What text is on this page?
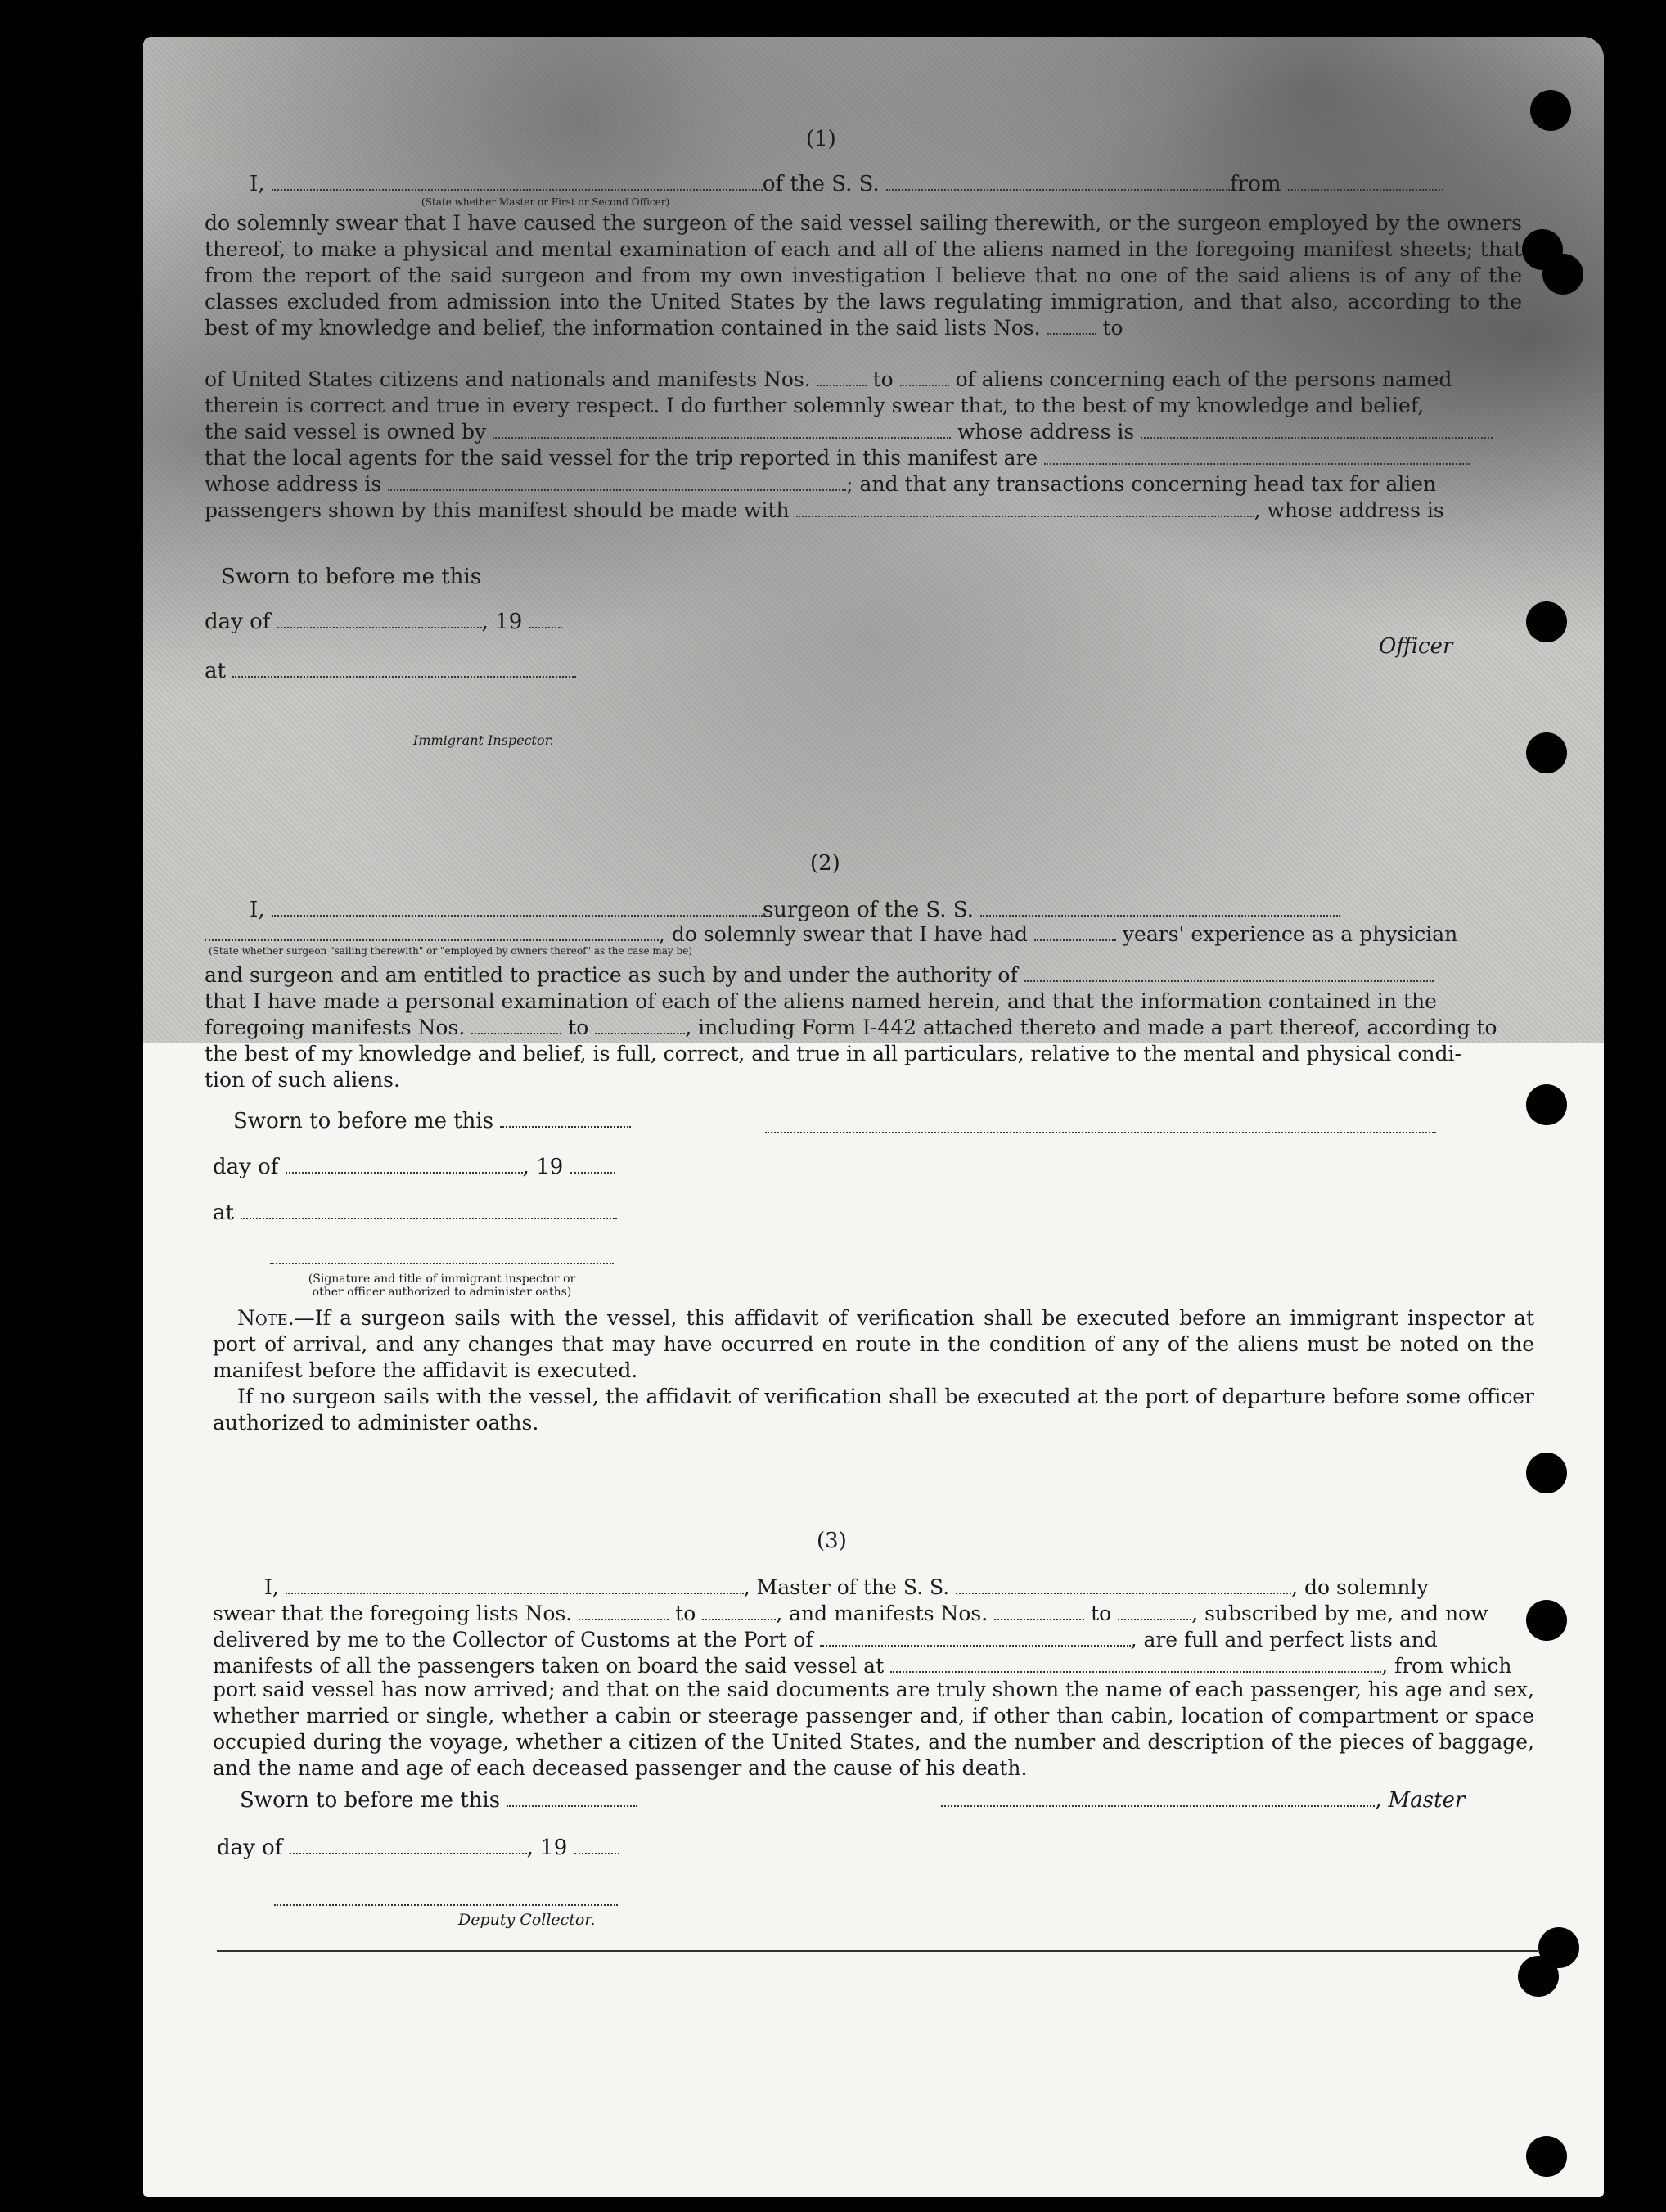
(1)
I,	of the S. S.	from
(State whether Master or First or Second Officer)
do solemnly swear that I have caused the surgeon of the said vessel sailing therewith, or the surgeon employed by the owners thereof, to make a physical and mental examination of each and all of the aliens named in the foregoing manifest sheets; that from the report of the said surgeon and from my own investigation I believe that no one of the said aliens is of any of the classes excluded from admission into the United States by the laws regulating immigration, and that also, according to the best of my knowledge and belief, the information contained in the said lists Nos.	to
of United States citizens and nationals and manifests Nos.	to	of aliens concerning each of the persons named
therein is correct and true in every respect. I do further solemnly swear that, to the best of my knowledge and belief,
the said vessel is owned by	whose address is
that the local agents for the said vessel for the trip reported in this manifest are
whose address is	; and that any transactions concerning head tax for alien
passengers shown by this manifest should be made with	, whose address is
Sworn to before me this
day of	, 19
Officer
at
Immigrant Inspector.
(2)
I,	surgeon of the S. S.
, do solemnly swear that I have had	years' experience as a physician
(State whether surgeon "sailing therewith" or "employed by owners thereof" as the case may be)
and surgeon and am entitled to practice as such by and under the authority of
that I have made a personal examination of each of the aliens named herein, and that the information contained in the
foregoing manifests Nos.	to	, including Form I-442 attached thereto and made a part thereof, according to
the best of my knowledge and belief, is full, correct, and true in all particulars, relative to the mental and physical condi-
tion of such aliens.
Sworn to before me this
day of	, 19
at
(Signature and title of immigrant inspector or
other officer authorized to administer oaths)
Note.—If a surgeon sails with the vessel, this affidavit of verification shall be executed before an immigrant inspector at port of arrival, and any changes that may have occurred en route in the condition of any of the aliens must be noted on the manifest before the affidavit is executed.
If no surgeon sails with the vessel, the affidavit of verification shall be executed at the port of departure before some officer authorized to administer oaths.
(3)
I,	, Master of the S. S.	, do solemnly
swear that the foregoing lists Nos.	to	, and manifests Nos.	to	, subscribed by me, and now
delivered by me to the Collector of Customs at the Port of	, are full and perfect lists and
manifests of all the passengers taken on board the said vessel at	, from which
port said vessel has now arrived; and that on the said documents are truly shown the name of each passenger, his age and sex, whether married or single, whether a cabin or steerage passenger and, if other than cabin, location of compartment or space occupied during the voyage, whether a citizen of the United States, and the number and description of the pieces of baggage, and the name and age of each deceased passenger and the cause of his death.
Sworn to before me this	, Master
day of	, 19
Deputy Collector.
